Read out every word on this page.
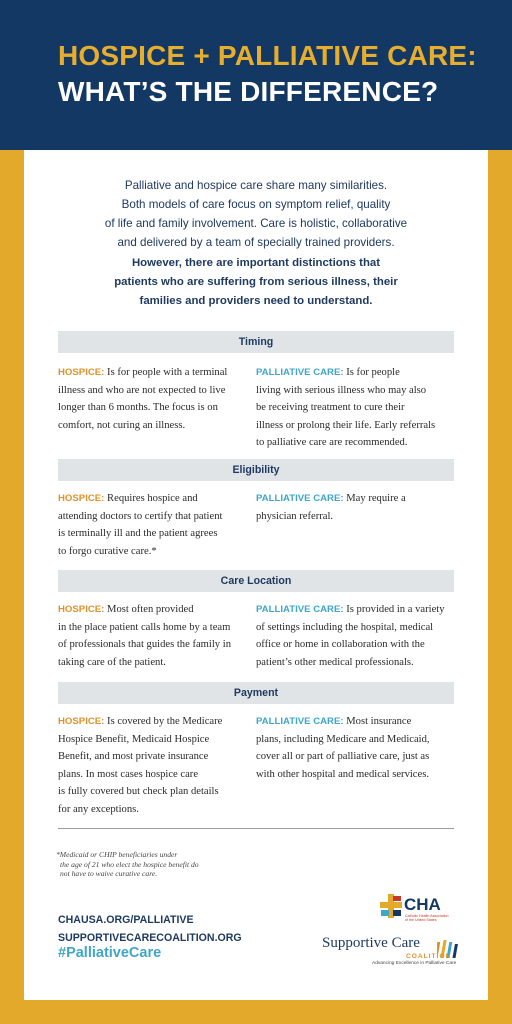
HOSPICE + PALLIATIVE CARE:
WHAT’S THE DIFFERENCE?
Palliative and hospice care share many similarities.
Both models of care focus on symptom relief, quality
of life and family involvement. Care is holistic, collaborative
and delivered by a team of specially trained providers.
However, there are important distinctions that
patients who are suffering from serious illness, their
families and providers need to understand.
Timing
HOSPICE: Is for people with a terminal
illness and who are not expected to live
longer than 6 months. The focus is on
comfort, not curing an illness.
PALLIATIVE CARE: Is for people
living with serious illness who may also
be receiving treatment to cure their
illness or prolong their life. Early referrals
to palliative care are recommended.
Eligibility
HOSPICE: Requires hospice and
attending doctors to certify that patient
is terminally ill and the patient agrees
to forgo curative care.*
PALLIATIVE CARE: May require a
physician referral.
Care Location
HOSPICE: Most often provided
in the place patient calls home by a team
of professionals that guides the family in
taking care of the patient.
PALLIATIVE CARE: Is provided in a variety
of settings including the hospital, medical
office or home in collaboration with the
patient’s other medical professionals.
Payment
HOSPICE: Is covered by the Medicare
Hospice Benefit, Medicaid Hospice
Benefit, and most private insurance
plans. In most cases hospice care
is fully covered but check plan details
for any exceptions.
PALLIATIVE CARE: Most insurance
plans, including Medicare and Medicaid,
cover all or part of palliative care, just as
with other hospital and medical services.
*Medicaid or CHIP beneficiaries under
the age of 21 who elect the hospice benefit do
not have to waive curative care.
CHAUSA.ORG/PALLIATIVE
SUPPORTIVECARECOALITION.ORG
#PalliativeCare
CHA
Catholic Health Association
of the United States
Supportive Care
COALITION
Advancing Excellence in Palliative Care
